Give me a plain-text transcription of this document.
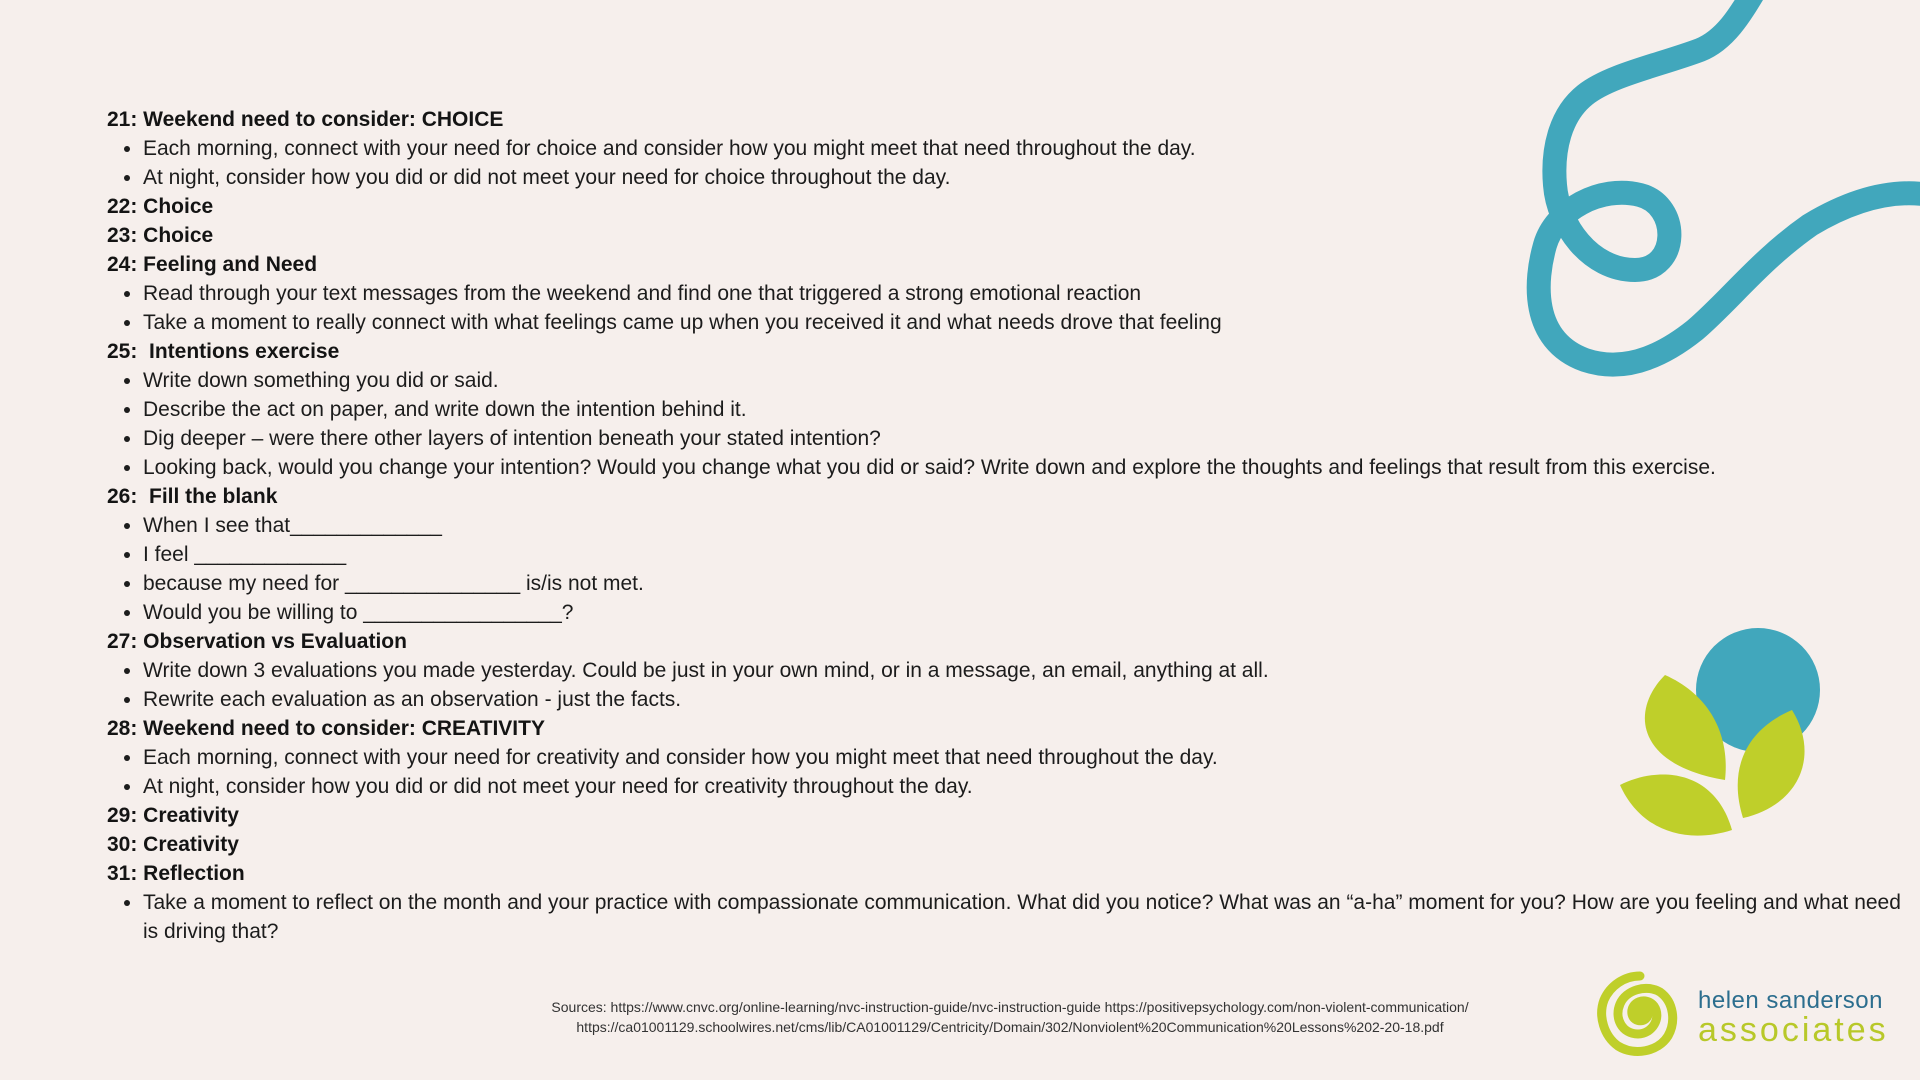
21: Weekend need to consider: CHOICE
• Each morning, connect with your need for choice and consider how you might meet that need throughout the day.
• At night, consider how you did or did not meet your need for choice throughout the day.
22: Choice
23: Choice
24: Feeling and Need
• Read through your text messages from the weekend and find one that triggered a strong emotional reaction
• Take a moment to really connect with what feelings came up when you received it and what needs drove that feeling
25:  Intentions exercise
• Write down something you did or said.
• Describe the act on paper, and write down the intention behind it.
• Dig deeper – were there other layers of intention beneath your stated intention?
• Looking back, would you change your intention? Would you change what you did or said? Write down and explore the thoughts and feelings that result from this exercise.
26:  Fill the blank
• When I see that_____________
• I feel _____________
• because my need for _______________ is/is not met.
• Would you be willing to _________________?
27: Observation vs Evaluation
• Write down 3 evaluations you made yesterday. Could be just in your own mind, or in a message, an email, anything at all.
• Rewrite each evaluation as an observation - just the facts.
28: Weekend need to consider: CREATIVITY
• Each morning, connect with your need for creativity and consider how you might meet that need throughout the day.
• At night, consider how you did or did not meet your need for creativity throughout the day.
29: Creativity
30: Creativity
31: Reflection
• Take a moment to reflect on the month and your practice with compassionate communication. What did you notice? What was an “a-ha” moment for you? How are you feeling and what need is driving that?
Sources: https://www.cnvc.org/online-learning/nvc-instruction-guide/nvc-instruction-guide https://positivepsychology.com/non-violent-communication/
https://ca01001129.schoolwires.net/cms/lib/CA01001129/Centricity/Domain/302/Nonviolent%20Communication%20Lessons%202-20-18.pdf
helen sanderson
associates
